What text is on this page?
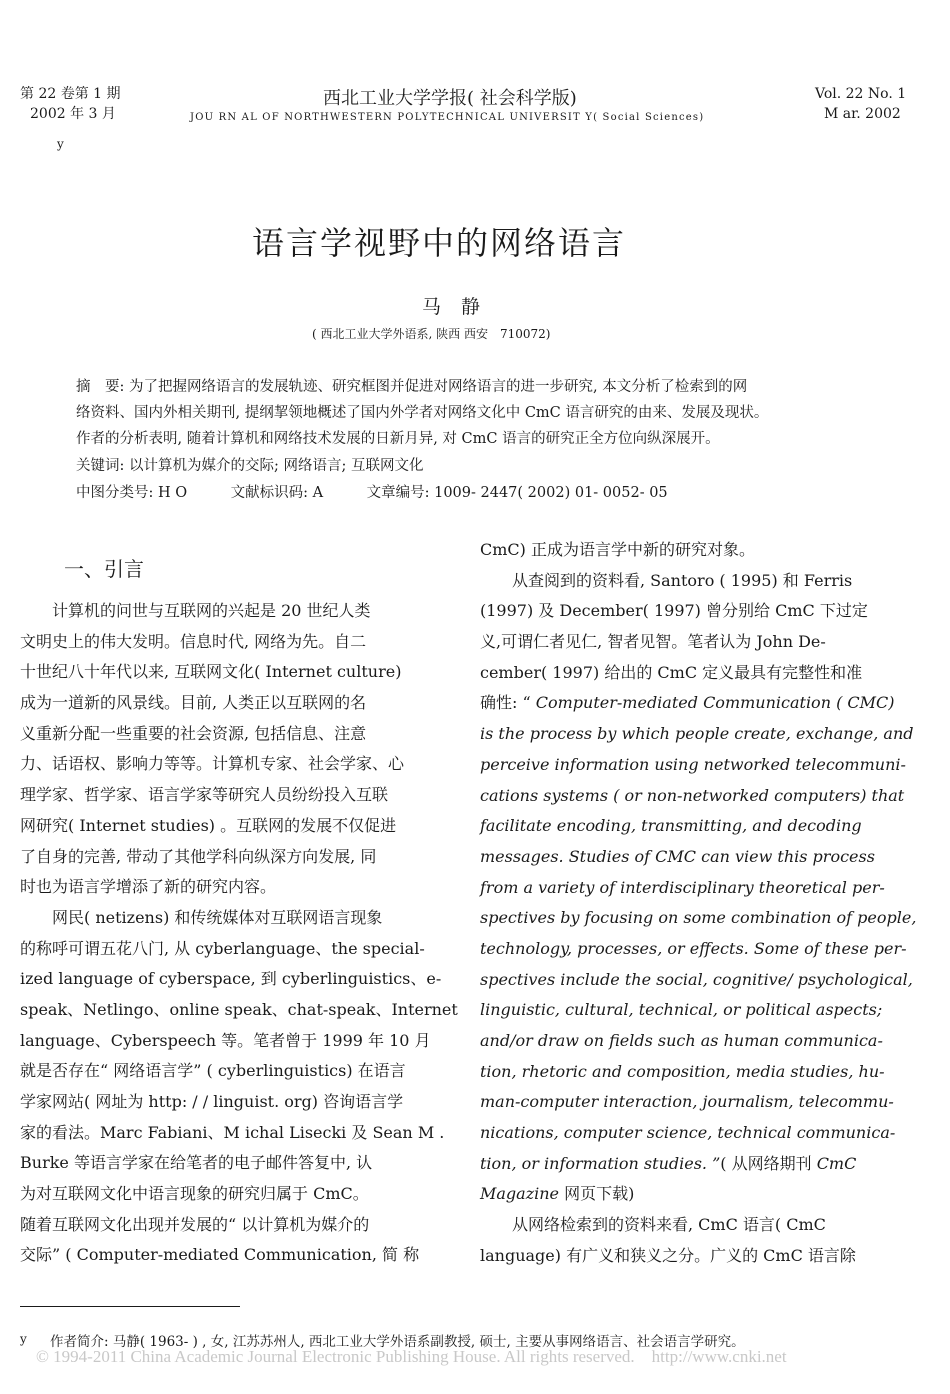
第 22 卷第 1 期
2002 年 3 月
y
西北工业大学学报( 社会科学版)
JOU RN AL OF NORTHWESTERN POLYTECHNICAL UNIVERSIT Y( Social Sciences)
Vol. 22 No. 1
M ar. 2002
语言学视野中的网络语言
马静
( 西北工业大学外语系, 陕西 西安　710072)
摘　要: 为了把握网络语言的发展轨迹、研究框图并促进对网络语言的进一步研究, 本文分析了检索到的网
络资料、国内外相关期刊, 提纲挈领地概述了国内外学者对网络文化中 CmC 语言研究的由来、发展及现状。
作者的分析表明, 随着计算机和网络技术发展的日新月异, 对 CmC 语言的研究正全方位向纵深展开。
关键词: 以计算机为媒介的交际; 网络语言; 互联网文化
中图分类号: H O　　　文献标识码: A　　　文章编号: 1009- 2447( 2002) 01- 0052- 05
一、引言
　　计算机的问世与互联网的兴起是 20 世纪人类
文明史上的伟大发明。信息时代, 网络为先。自二
十世纪八十年代以来, 互联网文化( Internet culture)
成为一道新的风景线。目前, 人类正以互联网的名
义重新分配一些重要的社会资源, 包括信息、注意
力、话语权、影响力等等。计算机专家、社会学家、心
理学家、哲学家、语言学家等研究人员纷纷投入互联
网研究( Internet studies) 。互联网的发展不仅促进
了自身的完善, 带动了其他学科向纵深方向发展, 同
时也为语言学增添了新的研究内容。
　　网民( netizens) 和传统媒体对互联网语言现象
的称呼可谓五花八门, 从 cyberlanguage、the special-
ized language of cyberspace, 到 cyberlinguistics、e-
speak、Netlingo、online speak、chat-speak、Internet
language、Cyberspeech 等。笔者曾于 1999 年 10 月
就是否存在“ 网络语言学” ( cyberlinguistics) 在语言
学家网站( 网址为 http: / / linguist. org) 咨询语言学
家的看法。Marc Fabiani、M ichal Lisecki 及 Sean M .
Burke 等语言学家在给笔者的电子邮件答复中, 认
为对互联网文化中语言现象的研究归属于 CmC。
随着互联网文化出现并发展的“ 以计算机为媒介的
交际” ( Computer-mediated Communication, 简 称
CmC) 正成为语言学中新的研究对象。
　　从查阅到的资料看, Santoro ( 1995) 和 Ferris
(1997) 及 December( 1997) 曾分别给 CmC 下过定
义,可谓仁者见仁, 智者见智。笔者认为 John De-
cember( 1997) 给出的 CmC 定义最具有完整性和准
确性: “ Computer-mediated Communication ( CMC)
is the process by which people create, exchange, and
perceive information using networked telecommuni-
cations systems ( or non-networked computers) that
facilitate encoding, transmitting, and decoding
messages. Studies of CMC can view this process
from a variety of interdisciplinary theoretical per-
spectives by focusing on some combination of people,
technology, processes, or effects. Some of these per-
spectives include the social, cognitive/ psychological,
linguistic, cultural, technical, or political aspects;
and/or draw on fields such as human communica-
tion, rhetoric and composition, media studies, hu-
man-computer interaction, journalism, telecommu-
nications, computer science, technical communica-
tion, or information studies. ”( 从网络期刊 CmC
Magazine 网页下载)
　　从网络检索到的资料来看, CmC 语言( CmC
language) 有广义和狭义之分。广义的 CmC 语言除
y 作者简介: 马静( 1963- ) , 女, 江苏苏州人, 西北工业大学外语系副教授, 硕士, 主要从事网络语言、社会语言学研究。
© 1994-2011 China Academic Journal Electronic Publishing House. All rights reserved.　http://www.cnki.net
